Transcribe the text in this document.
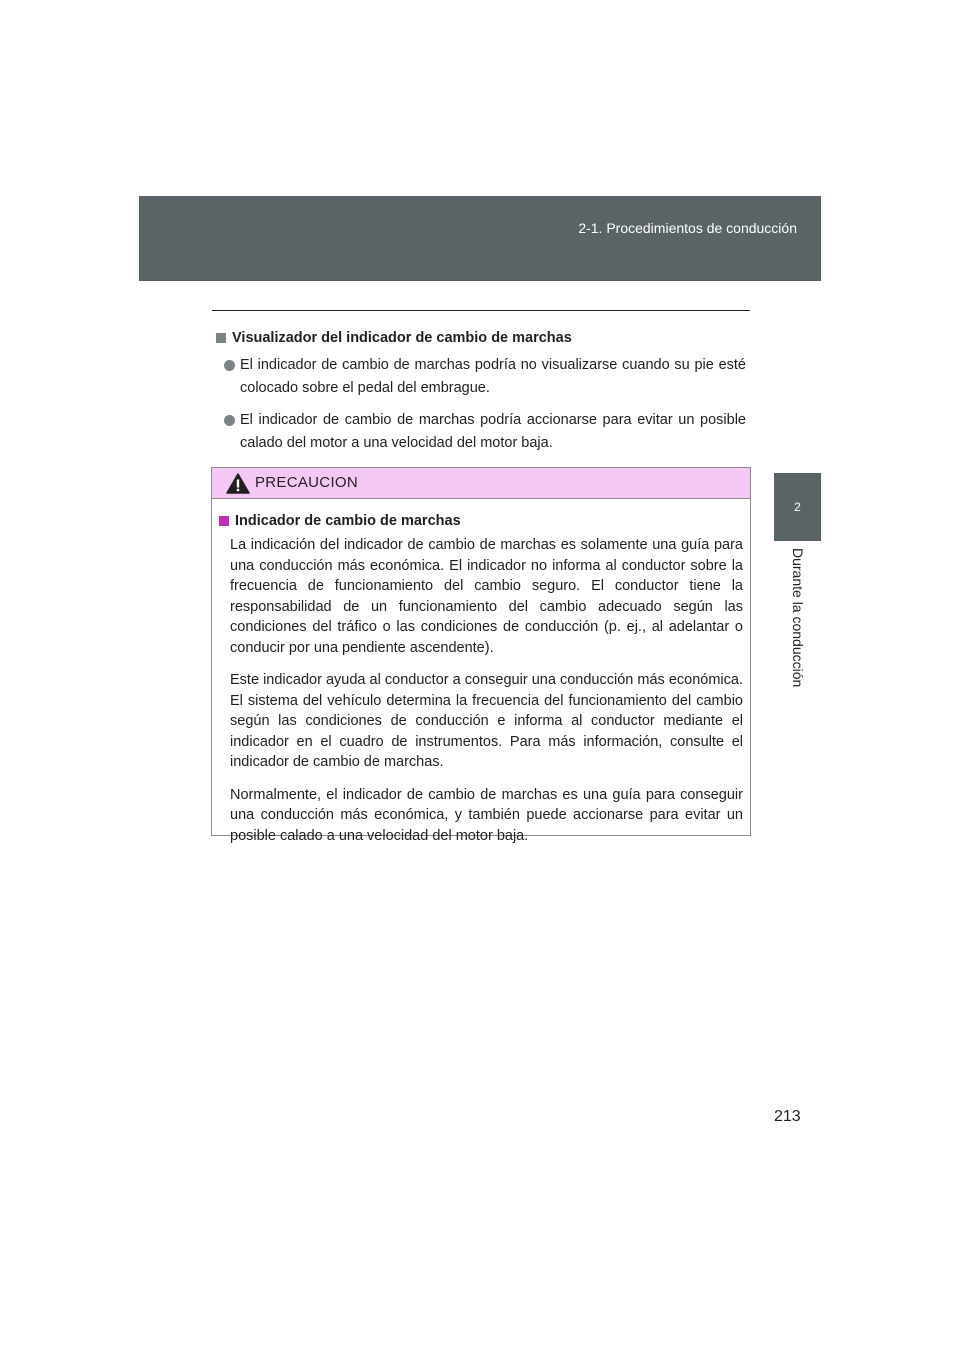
2-1. Procedimientos de conducción
2
Durante la conducción
Visualizador del indicador de cambio de marchas
El indicador de cambio de marchas podría no visualizarse cuando su pie esté colocado sobre el pedal del embrague.
El indicador de cambio de marchas podría accionarse para evitar un posible calado del motor a una velocidad del motor baja.
PRECAUCION
Indicador de cambio de marchas

La indicación del indicador de cambio de marchas es solamente una guía para una conducción más económica. El indicador no informa al conductor sobre la frecuencia de funcionamiento del cambio seguro. El conductor tiene la responsabilidad de un funcionamiento del cambio adecuado según las condiciones del tráfico o las condiciones de conducción (p. ej., al adelantar o conducir por una pendiente ascendente).

Este indicador ayuda al conductor a conseguir una conducción más económica. El sistema del vehículo determina la frecuencia del funcionamiento del cambio según las condiciones de conducción e informa al conductor mediante el indicador en el cuadro de instrumentos. Para más información, consulte el indicador de cambio de marchas.

Normalmente, el indicador de cambio de marchas es una guía para conseguir una conducción más económica, y también puede accionarse para evitar un posible calado a una velocidad del motor baja.

213
